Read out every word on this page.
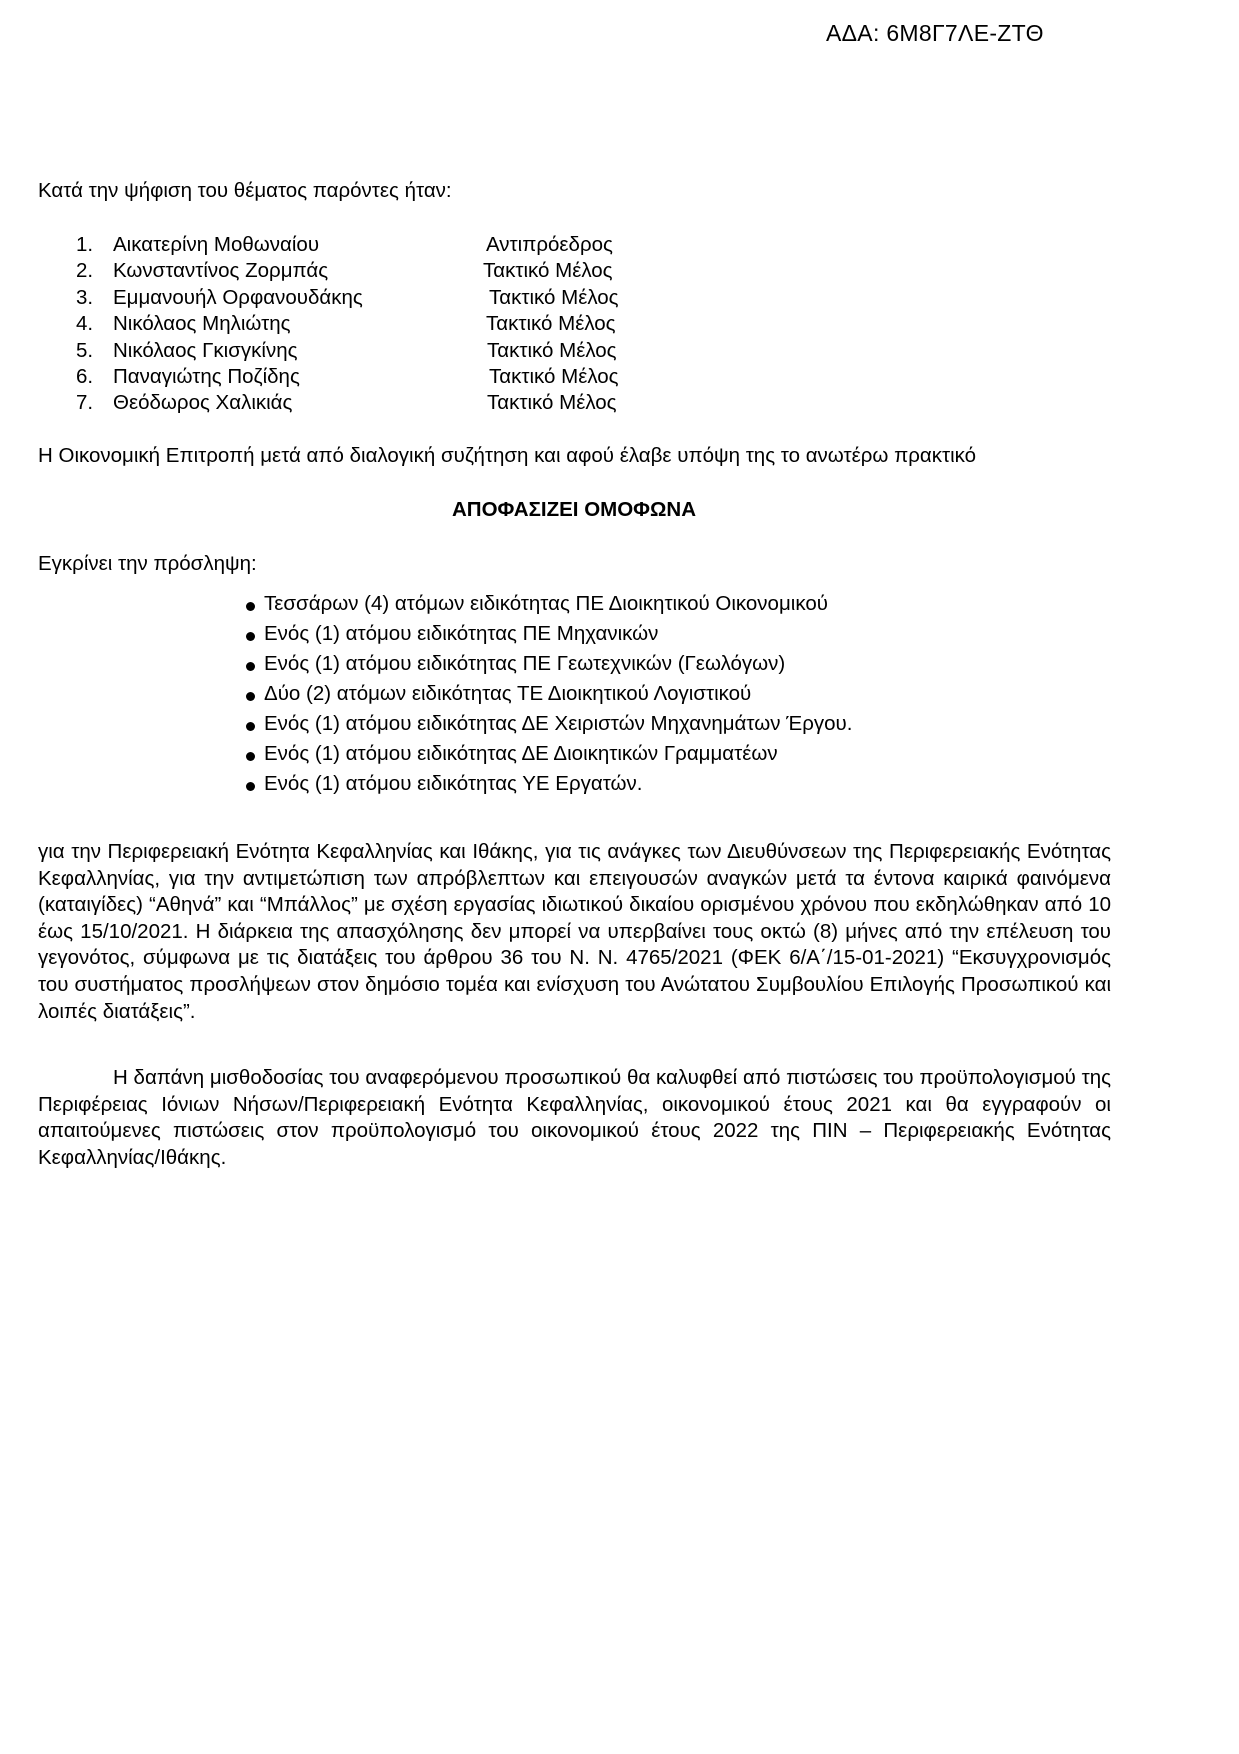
ΑΔΑ: 6Μ8Γ7ΛΕ-ΖΤΘ
Κατά την ψήφιση του θέματος παρόντες ήταν:
1. Αικατερίνη Μοθωναίου	Αντιπρόεδρος
2. Κωνσταντίνος Ζορμπάς	Τακτικό Μέλος
3. Εμμανουήλ Ορφανουδάκης	Τακτικό Μέλος
4. Νικόλαος Μηλιώτης	Τακτικό Μέλος
5. Νικόλαος Γκισγκίνης	Τακτικό Μέλος
6. Παναγιώτης Ποζίδης	Τακτικό Μέλος
7. Θεόδωρος Χαλικιάς	Τακτικό Μέλος
Η Οικονομική Επιτροπή μετά από διαλογική συζήτηση και αφού έλαβε υπόψη της το ανωτέρω πρακτικό
ΑΠΟΦΑΣΙΖΕΙ ΟΜΟΦΩΝΑ
Εγκρίνει την πρόσληψη:
Τεσσάρων (4) ατόμων ειδικότητας ΠΕ Διοικητικού Οικονομικού
Ενός (1) ατόμου ειδικότητας ΠΕ Μηχανικών
Ενός (1) ατόμου ειδικότητας ΠΕ Γεωτεχνικών (Γεωλόγων)
Δύο (2) ατόμων ειδικότητας ΤΕ Διοικητικού Λογιστικού
Ενός (1) ατόμου ειδικότητας ΔΕ Χειριστών Μηχανημάτων Έργου.
Ενός (1) ατόμου ειδικότητας ΔΕ Διοικητικών Γραμματέων
Ενός (1) ατόμου ειδικότητας ΥΕ Εργατών.

για την Περιφερειακή Ενότητα Κεφαλληνίας και Ιθάκης, για τις ανάγκες των Διευθύνσεων της Περιφερειακής Ενότητας Κεφαλληνίας, για την αντιμετώπιση των απρόβλεπτων και επειγουσών αναγκών μετά τα έντονα καιρικά φαινόμενα (καταιγίδες) “Αθηνά” και “Μπάλλος” με σχέση εργασίας ιδιωτικού δικαίου ορισμένου χρόνου που εκδηλώθηκαν από 10 έως 15/10/2021. Η διάρκεια της απασχόλησης δεν μπορεί να υπερβαίνει τους οκτώ (8) μήνες από την επέλευση του γεγονότος, σύμφωνα με τις διατάξεις του άρθρου 36 του Ν. Ν. 4765/2021 (ΦΕΚ 6/Α΄/15-01-2021) “Εκσυγχρονισμός του συστήματος προσλήψεων στον δημόσιο τομέα και ενίσχυση του Ανώτατου Συμβουλίου Επιλογής Προσωπικού και λοιπές διατάξεις”.

Η δαπάνη μισθοδοσίας του αναφερόμενου προσωπικού θα καλυφθεί από πιστώσεις του προϋπολογισμού της Περιφέρειας Ιόνιων Νήσων/Περιφερειακή Ενότητα Κεφαλληνίας, οικονομικού έτους 2021 και θα εγγραφούν οι απαιτούμενες πιστώσεις στον προϋπολογισμό του οικονομικού έτους 2022 της ΠΙΝ – Περιφερειακής Ενότητας Κεφαλληνίας/Ιθάκης.
